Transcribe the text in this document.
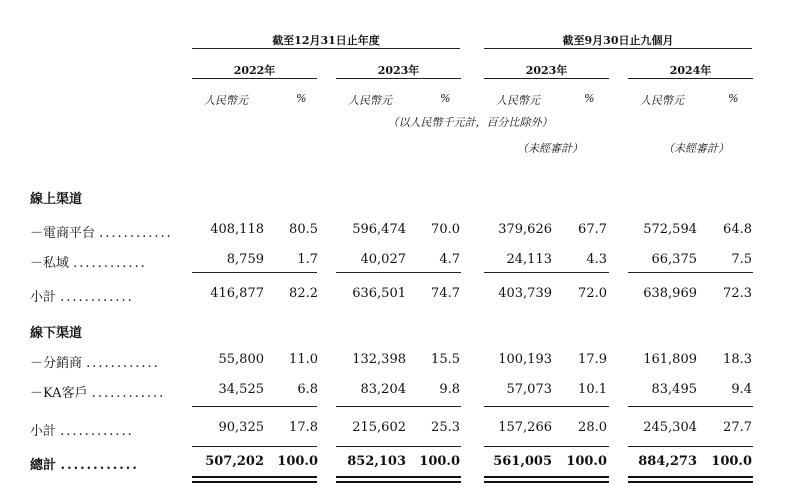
截至12月31日止年度	截至9月30日止九個月
2022年	2023年	2023年	2024年
人民幣元	%	人民幣元	%	人民幣元	%	人民幣元	%
（以人民幣千元計，百分比除外）
（未經審計）	（未經審計）
線上渠道
－電商平台 ............	408,118 80.5	596,474 70.0	379,626 67.7	572,594 64.8
－私域 ............	8,759	1.7	40,027	4.7	24,113	4.3	66,375	7.5
小計 ............	416,877 82.2	636,501 74.7	403,739 72.0	638,969 72.3
－分銷商 ............	55,800 11.0	132,398 15.5	100,193 17.9	161,809 18.3
－KA客戶 ............	34,525	6.8	83,204	9.8	57,073 10.1	83,495	9.4
小計 ............	90,325 17.8	215,602 25.3	157,266 28.0	245,304 27.7
總計 ............	507,202 100.0 852,103 100.0	561,005 100.0 884,273 100.0
線下渠道
